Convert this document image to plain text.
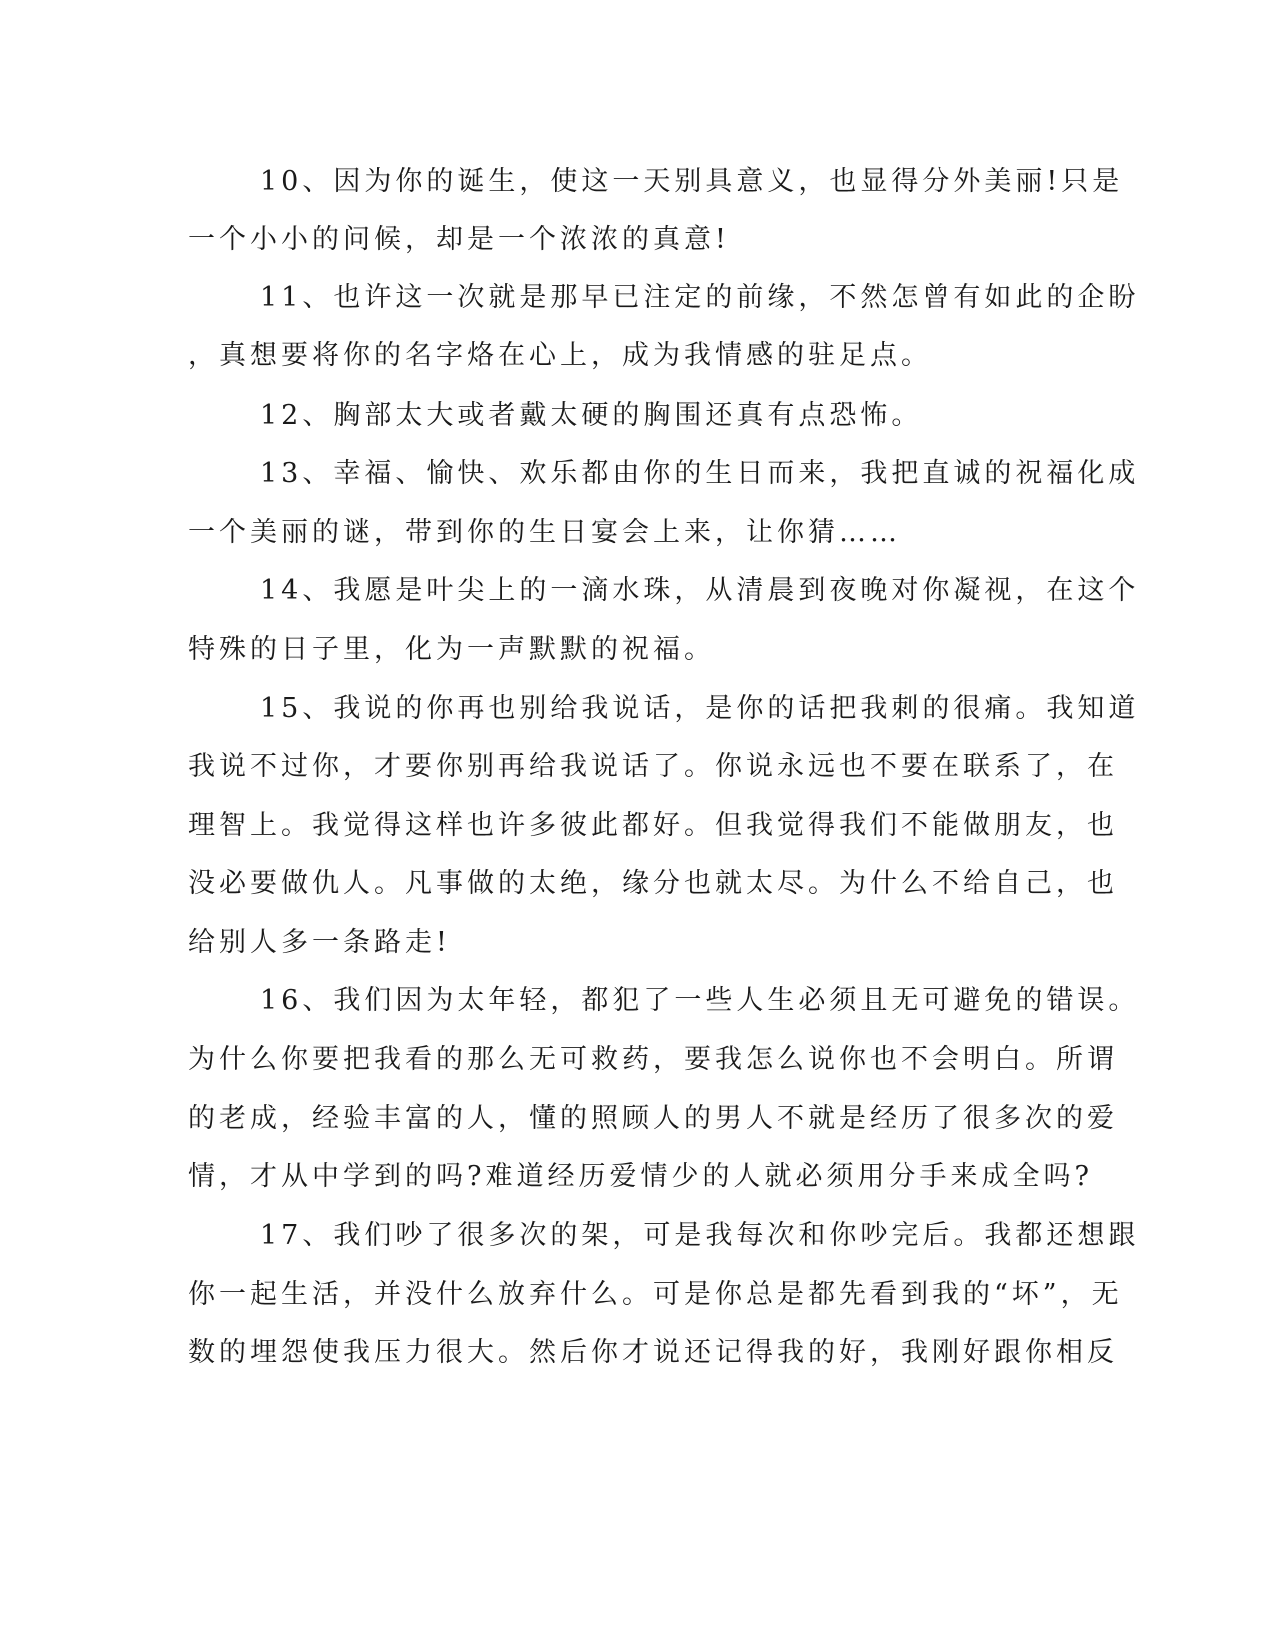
10、因为你的诞生，使这一天别具意义，也显得分外美丽!只是
一个小小的问候，却是一个浓浓的真意!
11、也许这一次就是那早已注定的前缘，不然怎曾有如此的企盼
，真想要将你的名字烙在心上，成为我情感的驻足点。
12、胸部太大或者戴太硬的胸围还真有点恐怖。
13、幸福、愉快、欢乐都由你的生日而来，我把直诚的祝福化成
一个美丽的谜，带到你的生日宴会上来，让你猜……
14、我愿是叶尖上的一滴水珠，从清晨到夜晚对你凝视，在这个
特殊的日子里，化为一声默默的祝福。
15、我说的你再也别给我说话，是你的话把我刺的很痛。我知道
我说不过你，才要你别再给我说话了。你说永远也不要在联系了，在
理智上。我觉得这样也许多彼此都好。但我觉得我们不能做朋友，也
没必要做仇人。凡事做的太绝，缘分也就太尽。为什么不给自己，也
给别人多一条路走!
16、我们因为太年轻，都犯了一些人生必须且无可避免的错误。
为什么你要把我看的那么无可救药，要我怎么说你也不会明白。所谓
的老成，经验丰富的人，懂的照顾人的男人不就是经历了很多次的爱
情，才从中学到的吗?难道经历爱情少的人就必须用分手来成全吗?
17、我们吵了很多次的架，可是我每次和你吵完后。我都还想跟
你一起生活，并没什么放弃什么。可是你总是都先看到我的“坏”，无
数的埋怨使我压力很大。然后你才说还记得我的好，我刚好跟你相反
